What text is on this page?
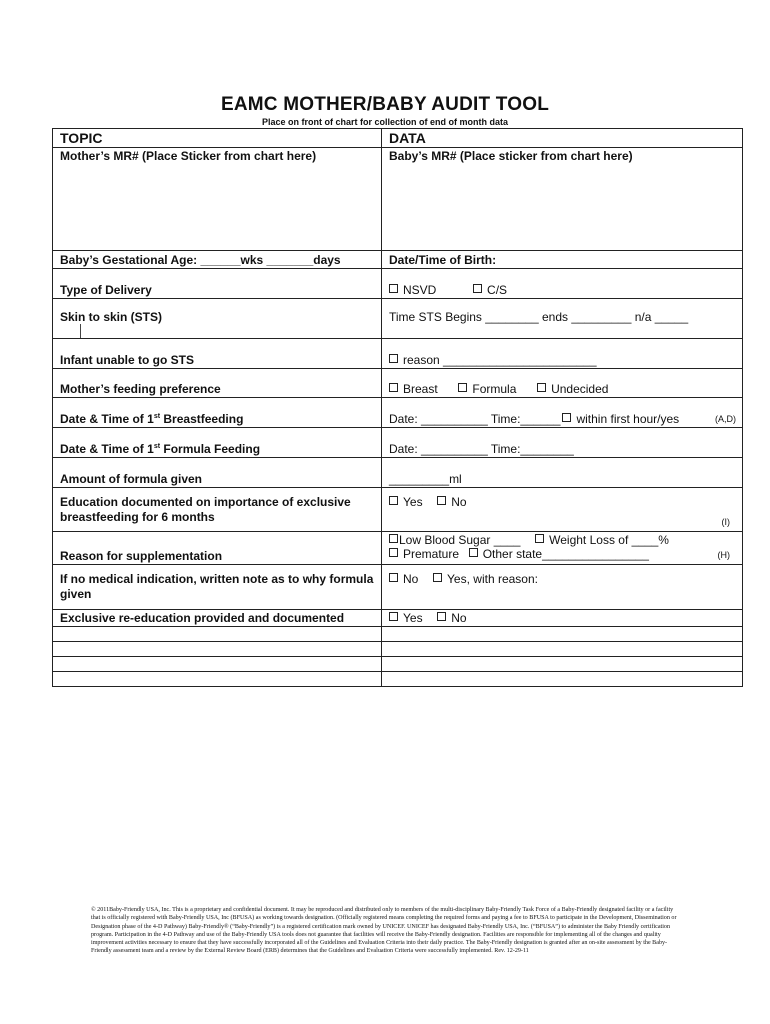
EAMC MOTHER/BABY AUDIT TOOL
Place on front of chart for collection of end of month data
TOPIC	DATA
Mother’s MR# (Place Sticker from chart here)	Baby’s MR# (Place sticker from chart here)
Baby’s Gestational Age: ______wks _______days	Date/Time of Birth:
Type of Delivery	NSVD C/S
Skin to skin (STS)	Time STS Begins ________ ends _________ n/a _____
Infant unable to go STS	reason _______________________
Mother’s feeding preference	Breast Formula Undecided
Date & Time of 1st Breastfeeding	Date: __________ Time:______ within first hour/yes (A,D)

Date & Time of 1st Formula Feeding	Date: __________ Time:________
Amount of formula given	_________ml
Education documented on importance of exclusive breastfeeding for 6 months	Yes No
(I)

Reason for supplementation	Low Blood Sugar ____ Weight Loss of ____%
Premature Other state________________ (H)

If no medical indication, written note as to why formula given	No Yes, with reason:
Exclusive re-education provided and documented	Yes No

© 2011Baby-Friendly USA, Inc. This is a proprietary and confidential document. It may be reproduced and distributed only to members of the multi-disciplinary Baby-Friendly Task Force of a Baby-Friendly designated facility or a facility that is officially registered with Baby-Friendly USA, Inc (BFUSA) as working towards designation. (Officially registered means completing the required forms and paying a fee to BFUSA to participate in the Development, Dissemination or Designation phase of the 4-D Pathway) Baby-Friendly® (“Baby-Friendly”) is a registered certification mark owned by UNICEF. UNICEF has designated Baby-Friendly USA, Inc. (“BFUSA”) to administer the Baby Friendly certification program. Participation in the 4-D Pathway and use of the Baby-Friendly USA tools does not guarantee that facilities will receive the Baby-Friendly designation. Facilities are responsible for implementing all of the changes and quality improvement activities necessary to ensure that they have successfully incorporated all of the Guidelines and Evaluation Criteria into their daily practice. The Baby-Friendly designation is granted after an on-site assessment by the Baby-Friendly assessment team and a review by the External Review Board (ERB) determines that the Guidelines and Evaluation Criteria were successfully implemented. Rev. 12-29-11
